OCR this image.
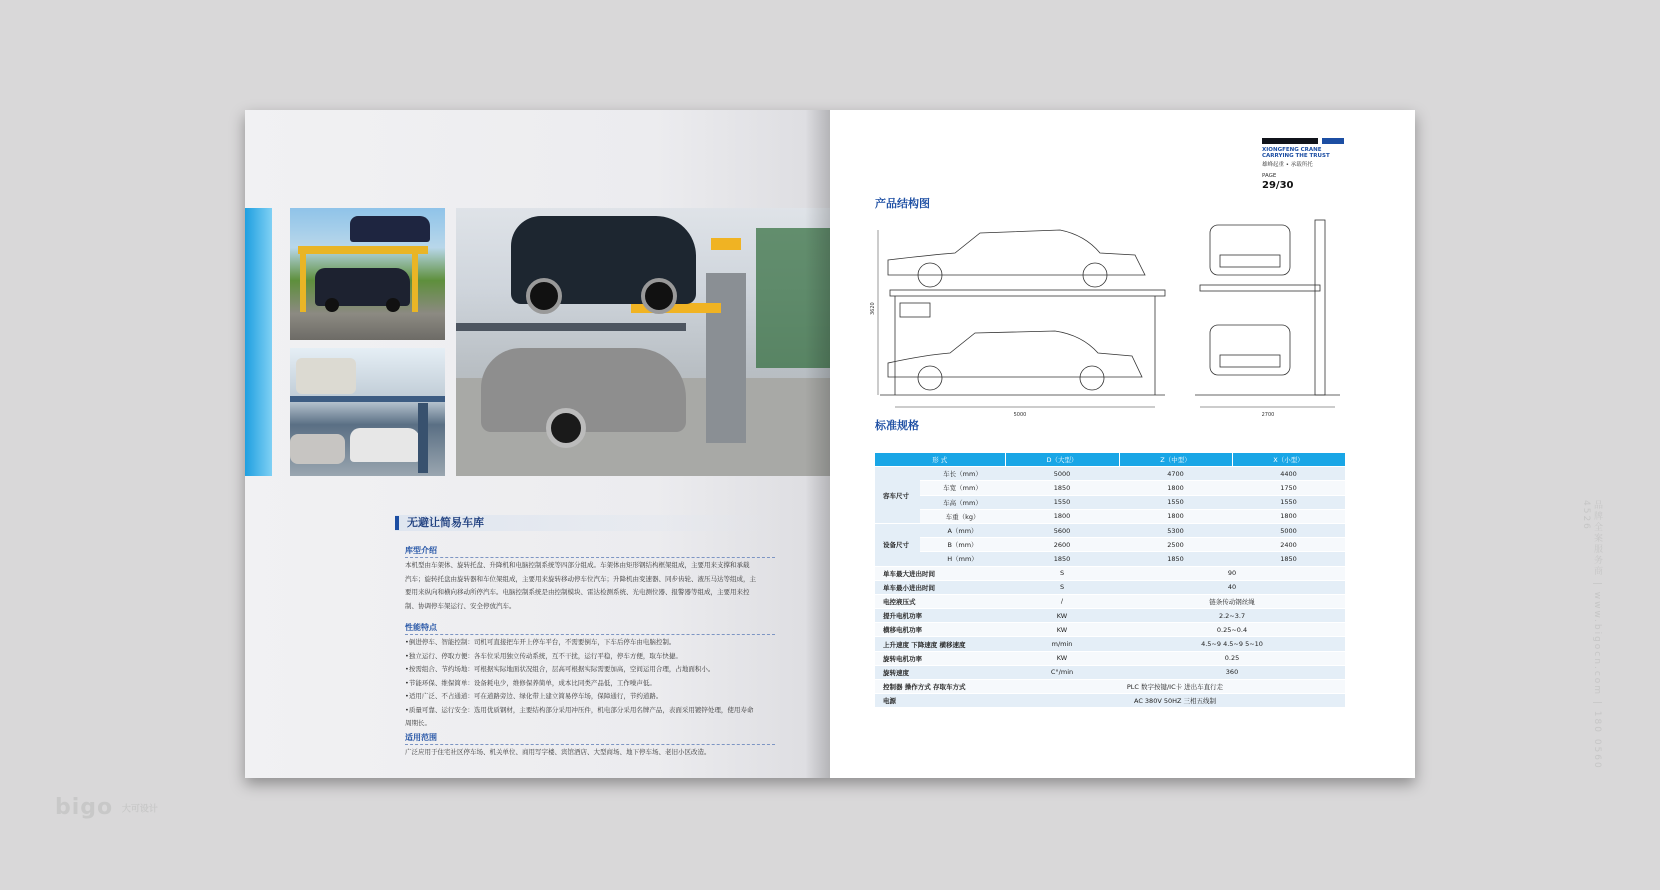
无避让简易车库
库型介绍
本机型由车架体、旋转托盘、升降机和电脑控制系统等四部分组成。车架体由矩形钢结构框架组成，主要用来支撑和承载
汽车；旋转托盘由旋转器和车位架组成，主要用来旋转移动停车位汽车；升降机由变速器、同步齿轮、液压马达等组成，主
要用来纵向和横向移动所停汽车。电脑控制系统是由控制模块、雷达检测系统、光电测位器、报警器等组成，主要用来控
制、协调停车架运行、安全停放汽车。
性能特点
•倒进停车、智能控制：司机可直接把车开上停车平台，不需要倒车，下车后停车由电脑控制。
•独立运行、停取方便：各车位采用独立传动系统，互不干扰，运行平稳，停车方便，取车快捷。
•按需组合、节约场地：可根据实际地面状况组合，层高可根据实际需要加高，空间运用合理，占地面积小。
•节能环保、维保简单：设备耗电少，维修保养简单，成本比同类产品低，工作噪声低。
•适用广泛、不占通道：可在道路旁边、绿化带上建立简易停车场，保障通行，节约道路。
•质量可靠、运行安全：选用优质钢材，主要结构部分采用冲压件，机电部分采用名牌产品，表面采用镀锌处理，使用寿命
周期长。
适用范围
广泛应用于住宅社区停车场、机关单位、商用写字楼、宾馆酒店、大型商场、地下停车场、老旧小区改造。
XIONGFENG CRANE
CARRYING THE TRUST
雄峰起重 • 承载所托
PAGE
29/30
产品结构图
5000
3620
2700
标准规格
形 式		D（大型）	Z（中型）	X（小型）
容车尺寸	车长（mm）	5000	4700	4400
	车宽（mm）	1850	1800	1750
	车高（mm）	1550	1550	1550
	车重（kg）	1800	1800	1800
设备尺寸	A（mm）	5600	5300	5000
	B（mm）	2600	2500	2400
	H（mm）	1850	1850	1850
单车最大进出时间		S	90	
单车最小进出时间		S	40	
电控液压式		/	链条传动钢丝绳	
提升电机功率		KW	2.2~3.7	
横移电机功率		KW	0.25~0.4	
上升速度 下降速度 横移速度		m/min	4.5~9 4.5~9 5~10	
旋转电机功率		KW	0.25	
旋转速度		C°/min	360	
控制器 操作方式 存取车方式		PLC 数字按键/IC卡 进出车直行走		
电源		AC 380V 50HZ 三相五线制			品牌全案服务商 | www.bigocn.com | 180 0560 4526
bigo 大可设计
